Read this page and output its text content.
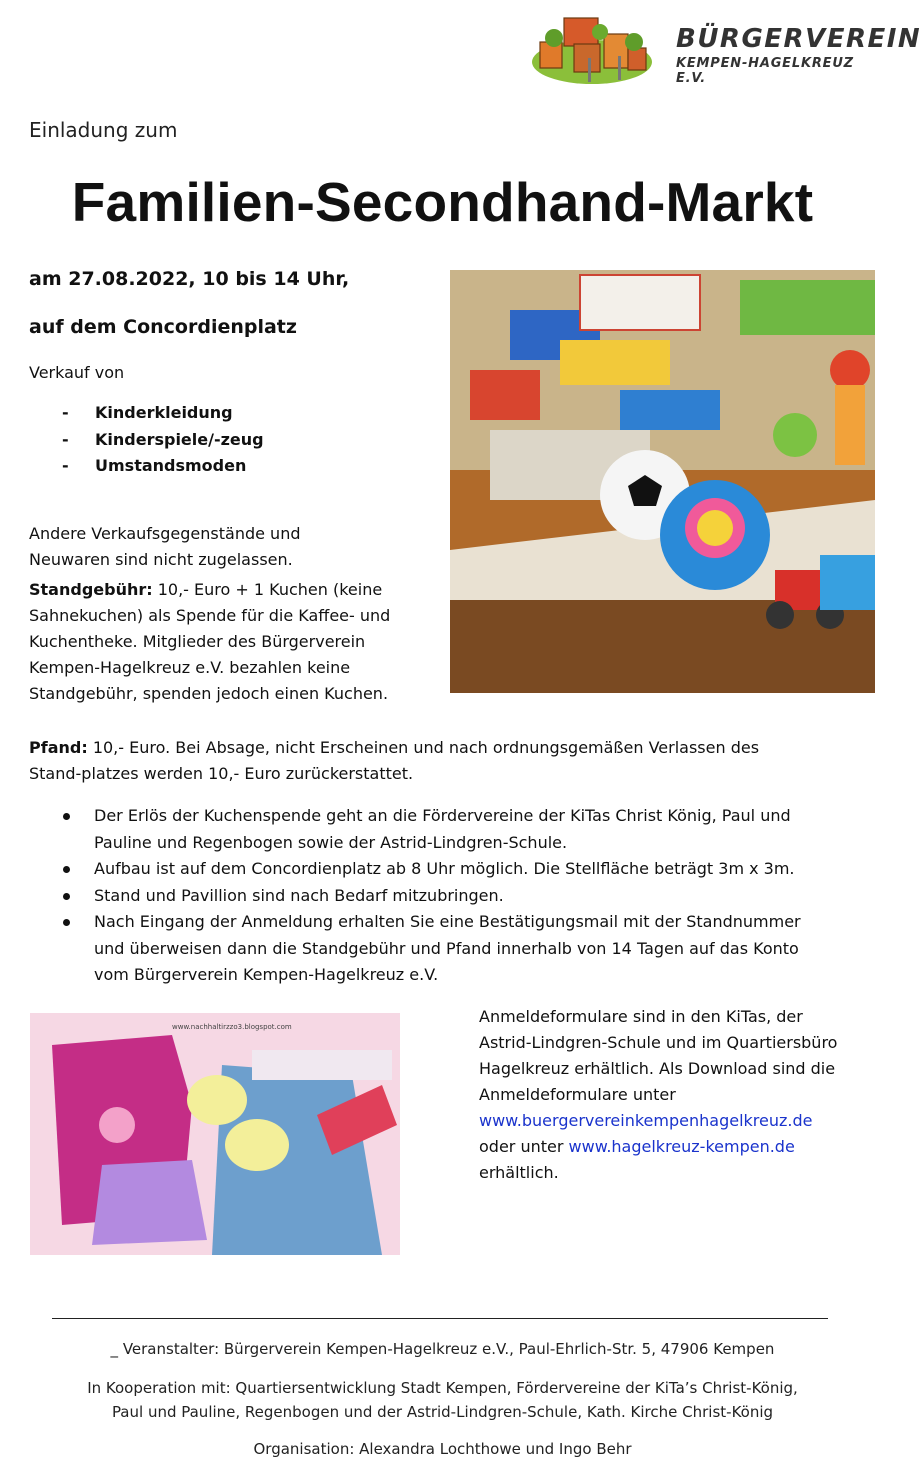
BÜRGERVEREIN
KEMPEN-HAGELKREUZ E.V.
Einladung zum
Familien-Secondhand-Markt
am 27.08.2022, 10 bis 14 Uhr,
auf dem Concordienplatz
Verkauf von
- Kinderkleidung
- Kinderspiele/-zeug
- Umstandsmoden
Andere Verkaufsgegenstände und Neuwaren sind nicht zugelassen.
Standgebühr: 10,- Euro + 1 Kuchen (keine Sahnekuchen) als Spende für die Kaffee- und Kuchentheke. Mitglieder des Bürgerverein Kempen-Hagelkreuz e.V. bezahlen keine Standgebühr, spenden jedoch einen Kuchen.
Pfand: 10,- Euro. Bei Absage, nicht Erscheinen und nach ordnungsgemäßen Verlassen des Stand-platzes werden 10,- Euro zurückerstattet.
Der Erlös der Kuchenspende geht an die Fördervereine der KiTas Christ König, Paul und Pauline und Regenbogen sowie der Astrid-Lindgren-Schule.
Aufbau ist auf dem Concordienplatz ab 8 Uhr möglich. Die Stellfläche beträgt 3m x 3m.
Stand und Pavillion sind nach Bedarf mitzubringen.
Nach Eingang der Anmeldung erhalten Sie eine Bestätigungsmail mit der Standnummer und überweisen dann die Standgebühr und Pfand innerhalb von 14 Tagen auf das Konto vom Bürgerverein Kempen-Hagelkreuz e.V.
www.nachhaltirzzo3.blogspot.com
Anmeldeformulare sind in den KiTas, der Astrid-Lindgren-Schule und im Quartiersbüro Hagelkreuz erhältlich. Als Download sind die Anmeldeformulare unter
www.buergervereinkempenhagelkreuz.de
oder unter www.hagelkreuz-kempen.de
erhältlich.
_ Veranstalter: Bürgerverein Kempen-Hagelkreuz e.V., Paul-Ehrlich-Str. 5, 47906 Kempen
In Kooperation mit: Quartiersentwicklung Stadt Kempen, Fördervereine der KiTa’s Christ-König,
Paul und Pauline, Regenbogen und der Astrid-Lindgren-Schule, Kath. Kirche Christ-König
Organisation: Alexandra Lochthowe und Ingo Behr
